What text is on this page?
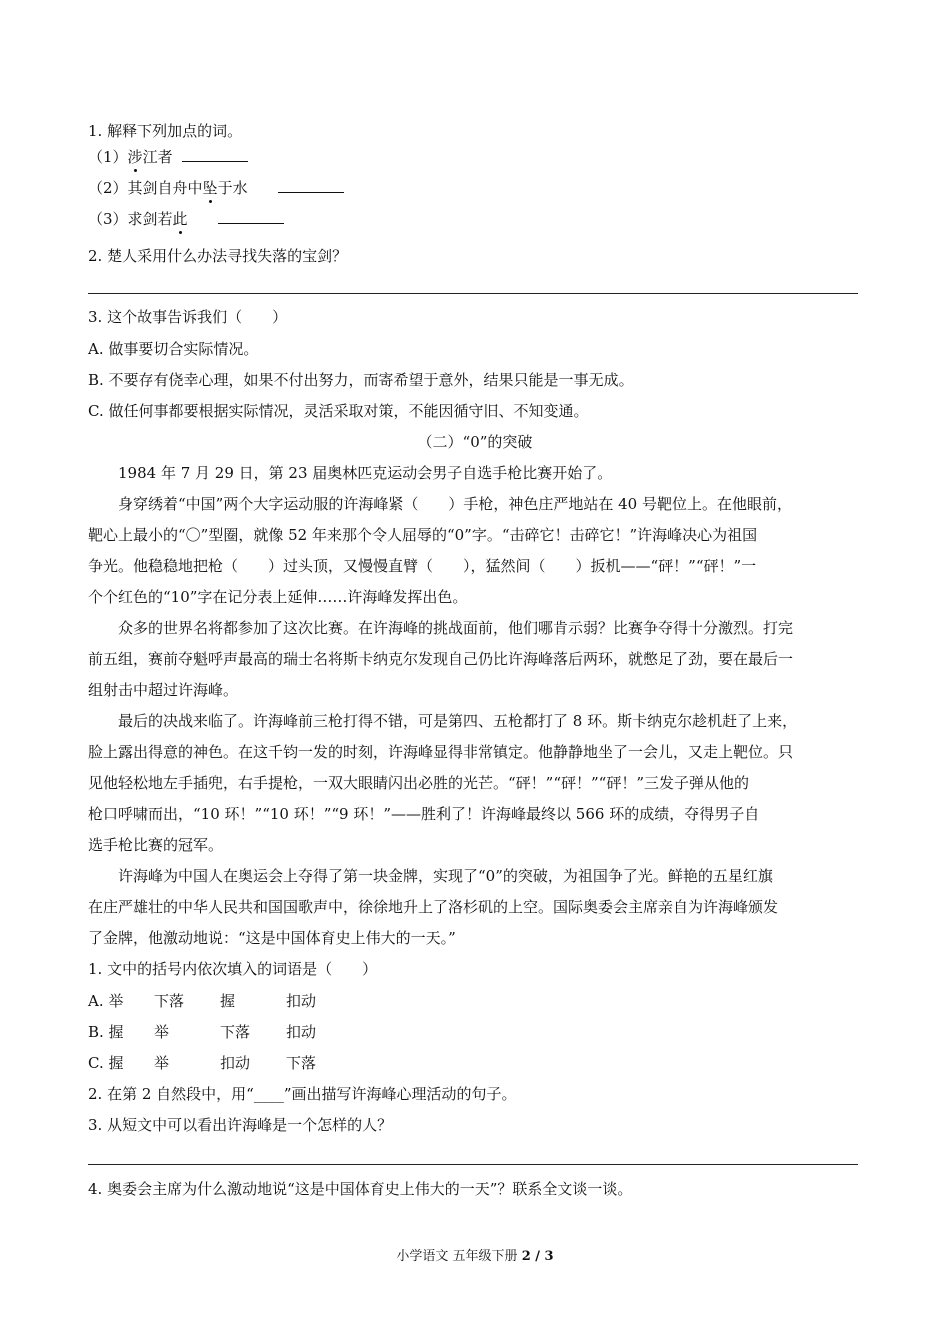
1. 解释下列加点的词。
（1）涉江者
（2）其剑自舟中坠于水
（3）求剑若此
2. 楚人采用什么办法寻找失落的宝剑？
3. 这个故事告诉我们（　　）
A. 做事要切合实际情况。
B. 不要存有侥幸心理，如果不付出努力，而寄希望于意外，结果只能是一事无成。
C. 做任何事都要根据实际情况，灵活采取对策，不能因循守旧、不知变通。
（二）“0”的突破
1984 年 7 月 29 日，第 23 届奥林匹克运动会男子自选手枪比赛开始了。
身穿绣着“中国”两个大字运动服的许海峰紧（　　）手枪，神色庄严地站在 40 号靶位上。在他眼前，
靶心上最小的“〇”型圈，就像 52 年来那个令人屈辱的“0”字。“击碎它！击碎它！”许海峰决心为祖国
争光。他稳稳地把枪（　　）过头顶，又慢慢直臂（　　），猛然间（　　）扳机——“砰！”“砰！”一
个个红色的“10”字在记分表上延伸……许海峰发挥出色。
众多的世界名将都参加了这次比赛。在许海峰的挑战面前，他们哪肯示弱？比赛争夺得十分激烈。打完
前五组，赛前夺魁呼声最高的瑞士名将斯卡纳克尔发现自己仍比许海峰落后两环，就憋足了劲，要在最后一
组射击中超过许海峰。
最后的决战来临了。许海峰前三枪打得不错，可是第四、五枪都打了 8 环。斯卡纳克尔趁机赶了上来，
脸上露出得意的神色。在这千钧一发的时刻，许海峰显得非常镇定。他静静地坐了一会儿，又走上靶位。只
见他轻松地左手插兜，右手提枪，一双大眼睛闪出必胜的光芒。“砰！”“砰！”“砰！”三发子弹从他的
枪口呼啸而出，“10 环！”“10 环！”“9 环！”——胜利了！许海峰最终以 566 环的成绩，夺得男子自
选手枪比赛的冠军。
许海峰为中国人在奥运会上夺得了第一块金牌，实现了“0”的突破，为祖国争了光。鲜艳的五星红旗
在庄严雄壮的中华人民共和国国歌声中，徐徐地升上了洛杉矶的上空。国际奥委会主席亲自为许海峰颁发
了金牌，他激动地说：“这是中国体育史上伟大的一天。”
1. 文中的括号内依次填入的词语是（　　）
A. 举 下落 握	扣动
B. 握 举	下落 扣动
C. 握 举	扣动 下落
2. 在第 2 自然段中，用“____”画出描写许海峰心理活动的句子。
3. 从短文中可以看出许海峰是一个怎样的人？
4. 奥委会主席为什么激动地说“这是中国体育史上伟大的一天”？联系全文谈一谈。
小学语文 五年级下册 2 / 3
